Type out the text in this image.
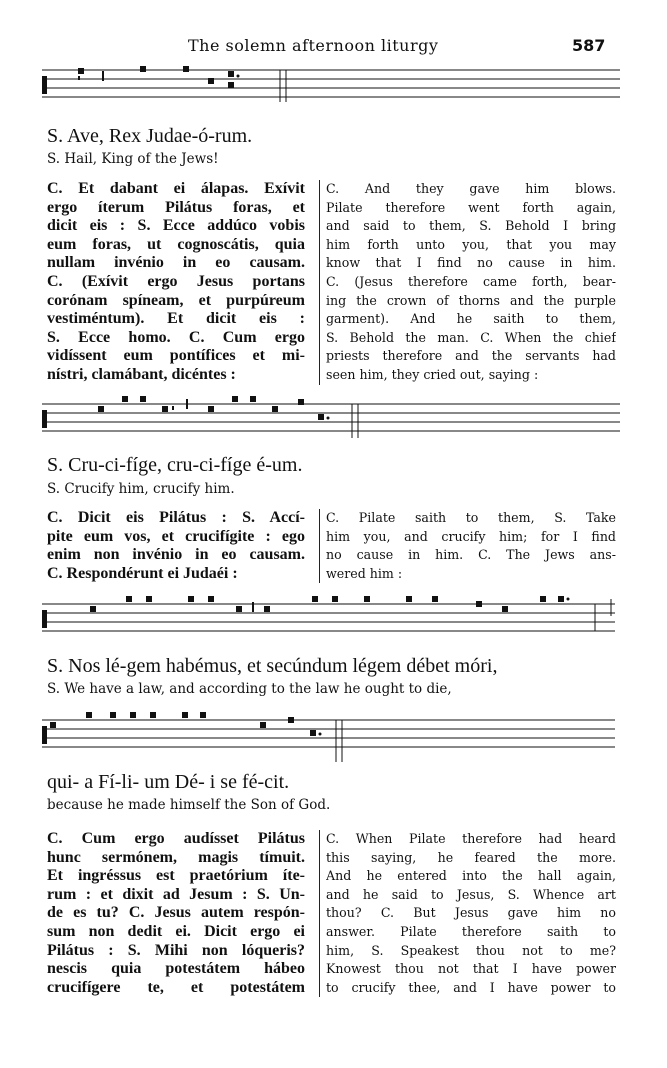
The solemn afternoon liturgy	587
S. Ave, Rex Judae-ó-rum.
S. Hail, King of the Jews!
C. Et dabant ei álapas. Exívit
ergo íterum Pilátus foras, et
dicit eis : S. Ecce addúco vobis
eum foras, ut cognoscátis, quia
nullam invénio in eo causam.
C. (Exívit ergo Jesus portans
corónam spíneam, et purpúreum
vestiméntum). Et dicit eis :
S. Ecce homo. C. Cum ergo
vidíssent eum pontífices et mi-
nístri, clamábant, dicéntes :
C. And they gave him blows.
Pilate therefore went forth again,
and said to them, S. Behold I bring
him forth unto you, that you may
know that I find no cause in him.
C. (Jesus therefore came forth, bear-
ing the crown of thorns and the purple
garment). And he saith to them,
S. Behold the man. C. When the chief
priests therefore and the servants had
seen him, they cried out, saying :
S. Cru-ci-fíge, cru-ci-fíge é-um.
S. Crucify him, crucify him.
C. Dicit eis Pilátus : S. Accí-
pite eum vos, et crucifígite : ego
enim non invénio in eo causam.
C. Respondérunt ei Judaéi :
C. Pilate saith to them, S. Take
him you, and crucify him; for I find
no cause in him. C. The Jews ans-
wered him :
S. Nos lé-gem habémus, et secúndum légem débet móri,
S. We have a law, and according to the law he ought to die,
qui- a Fí-li- um Dé- i se fé-cit.
because he made himself the Son of God.
C. Cum ergo audísset Pilátus
hunc sermónem, magis tímuit.
Et ingréssus est praetórium íte-
rum : et dixit ad Jesum : S. Un-
de es tu? C. Jesus autem respón-
sum non dedit ei. Dicit ergo ei
Pilátus : S. Mihi non lóqueris?
nescis quia potestátem hábeo
crucifígere te, et potestátem
C. When Pilate therefore had heard
this saying, he feared the more.
And he entered into the hall again,
and he said to Jesus, S. Whence art
thou? C. But Jesus gave him no
answer. Pilate therefore saith to
him, S. Speakest thou not to me?
Knowest thou not that I have power
to crucify thee, and I have power to
